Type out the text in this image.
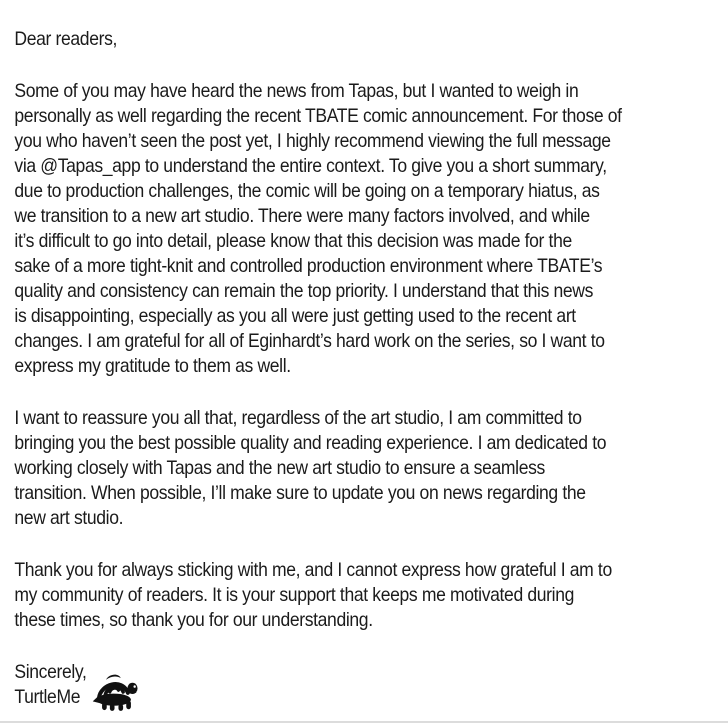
Dear readers,
Some of you may have heard the news from Tapas, but I wanted to weigh in
personally as well regarding the recent TBATE comic announcement. For those of
you who haven’t seen the post yet, I highly recommend viewing the full message
via @Tapas_app to understand the entire context. To give you a short summary,
due to production challenges, the comic will be going on a temporary hiatus, as
we transition to a new art studio. There were many factors involved, and while
it’s difficult to go into detail, please know that this decision was made for the
sake of a more tight-knit and controlled production environment where TBATE’s
quality and consistency can remain the top priority. I understand that this news
is disappointing, especially as you all were just getting used to the recent art
changes. I am grateful for all of Eginhardt’s hard work on the series, so I want to
express my gratitude to them as well.
I want to reassure you all that, regardless of the art studio, I am committed to
bringing you the best possible quality and reading experience. I am dedicated to
working closely with Tapas and the new art studio to ensure a seamless
transition. When possible, I’ll make sure to update you on news regarding the
new art studio.
Thank you for always sticking with me, and I cannot express how grateful I am to
my community of readers. It is your support that keeps me motivated during
these times, so thank you for our understanding.
Sincerely,
TurtleMe
